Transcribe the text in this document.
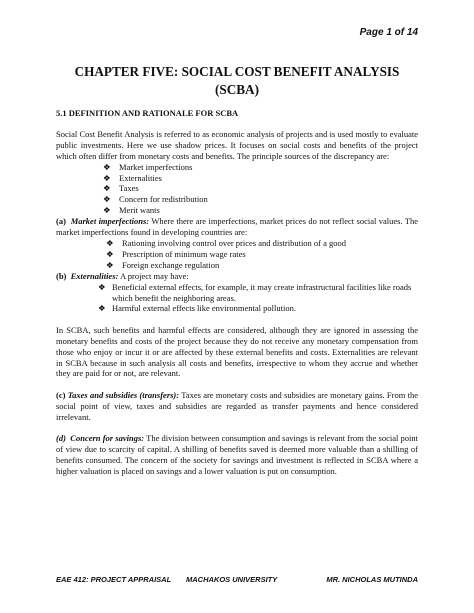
Page 1 of 14
CHAPTER FIVE: SOCIAL COST BENEFIT ANALYSIS
(SCBA)

5.1 DEFINITION AND RATIONALE FOR SCBA

Social Cost Benefit Analysis is referred to as economic analysis of projects and is used mostly to evaluate public investments. Here we use shadow prices. It focuses on social costs and benefits of the project which often differ from monetary costs and benefits. The principle sources of the discrepancy are:

❖ Market imperfections
❖ Externalities
❖ Taxes
❖ Concern for redistribution
❖ Merit wants

(a) Market imperfections: Where there are imperfections, market prices do not reflect social values. The market imperfections found in developing countries are:

❖ Rationing involving control over prices and distribution of a good
❖ Prescription of minimum wage rates
❖ Foreign exchange regulation

(b) Externalities: A project may have:

❖ Beneficial external effects, for example, it may create infrastructural facilities like roads which benefit the neighboring areas.
❖ Harmful external effects like environmental pollution.

In SCBA, such benefits and harmful effects are considered, although they are ignored in assessing the monetary benefits and costs of the project because they do not receive any monetary compensation from those who enjoy or incur it or are affected by these external benefits and costs. Externalities are relevant in SCBA because in such analysis all costs and benefits, irrespective to whom they accrue and whether they are paid for or not, are relevant.

(c) Taxes and subsidies (transfers): Taxes are monetary costs and subsidies are monetary gains. From the social point of view, taxes and subsidies are regarded as transfer payments and hence considered irrelevant.

(d) Concern for savings: The division between consumption and savings is relevant from the social point of view due to scarcity of capital. A shilling of benefits saved is deemed more valuable than a shilling of benefits consumed. The concern of the society for savings and investment is reflected in SCBA where a higher valuation is placed on savings and a lower valuation is put on consumption.

EAE 412: PROJECT APPRAISAL MACHAKOS UNIVERSITY	MR. NICHOLAS MUTINDA
